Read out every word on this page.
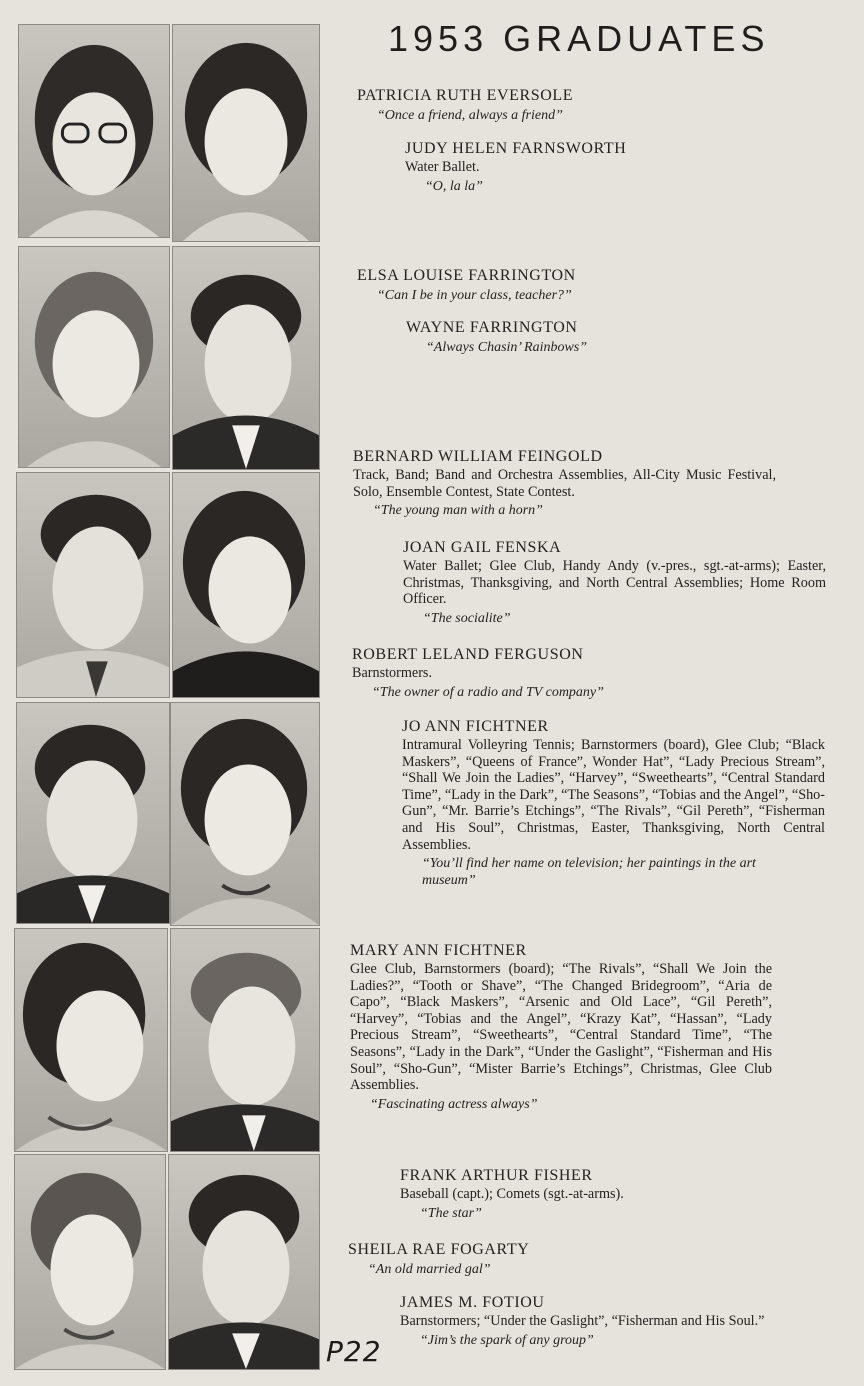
1953 GRADUATES
PATRICIA RUTH EVERSOLE
“Once a friend, always a friend”
JUDY HELEN FARNSWORTH
Water Ballet.
“O, la la”
ELSA LOUISE FARRINGTON
“Can I be in your class, teacher?”
WAYNE FARRINGTON
“Always Chasin’ Rainbows”
BERNARD WILLIAM FEINGOLD
Track, Band; Band and Orchestra Assemblies, All-City Music Festival, Solo, Ensemble Contest, State Contest.
“The young man with a horn”
JOAN GAIL FENSKA
Water Ballet; Glee Club, Handy Andy (v.-pres., sgt.-at-arms); Easter, Christmas, Thanksgiving, and North Central Assemblies; Home Room Officer.
“The socialite”
ROBERT LELAND FERGUSON
Barnstormers.
“The owner of a radio and TV company”
JO ANN FICHTNER
Intramural Volleyring Tennis; Barnstormers (board), Glee Club; “Black Maskers”, “Queens of France”, Wonder Hat”, “Lady Precious Stream”, “Shall We Join the Ladies”, “Harvey”, “Sweethearts”, “Central Standard Time”, “Lady in the Dark”, “The Seasons”, “Tobias and the Angel”, “Sho-Gun”, “Mr. Barrie’s Etchings”, “The Rivals”, “Gil Pereth”, “Fisherman and His Soul”, Christmas, Easter, Thanksgiving, North Central Assemblies.
“You’ll find her name on television; her paintings in the art museum”
MARY ANN FICHTNER
Glee Club, Barnstormers (board); “The Rivals”, “Shall We Join the Ladies?”, “Tooth or Shave”, “The Changed Bridegroom”, “Aria de Capo”, “Black Maskers”, “Arsenic and Old Lace”, “Gil Pereth”, “Harvey”, “Tobias and the Angel”, “Krazy Kat”, “Hassan”, “Lady Precious Stream”, “Sweethearts”, “Central Standard Time”, “The Seasons”, “Lady in the Dark”, “Under the Gaslight”, “Fisherman and His Soul”, “Sho-Gun”, “Mister Barrie’s Etchings”, Christmas, Glee Club Assemblies.
“Fascinating actress always”
FRANK ARTHUR FISHER
Baseball (capt.); Comets (sgt.-at-arms).
“The star”
SHEILA RAE FOGARTY
“An old married gal”
JAMES M. FOTIOU
Barnstormers; “Under the Gaslight”, “Fisherman and His Soul.”
“Jim’s the spark of any group”
P22
